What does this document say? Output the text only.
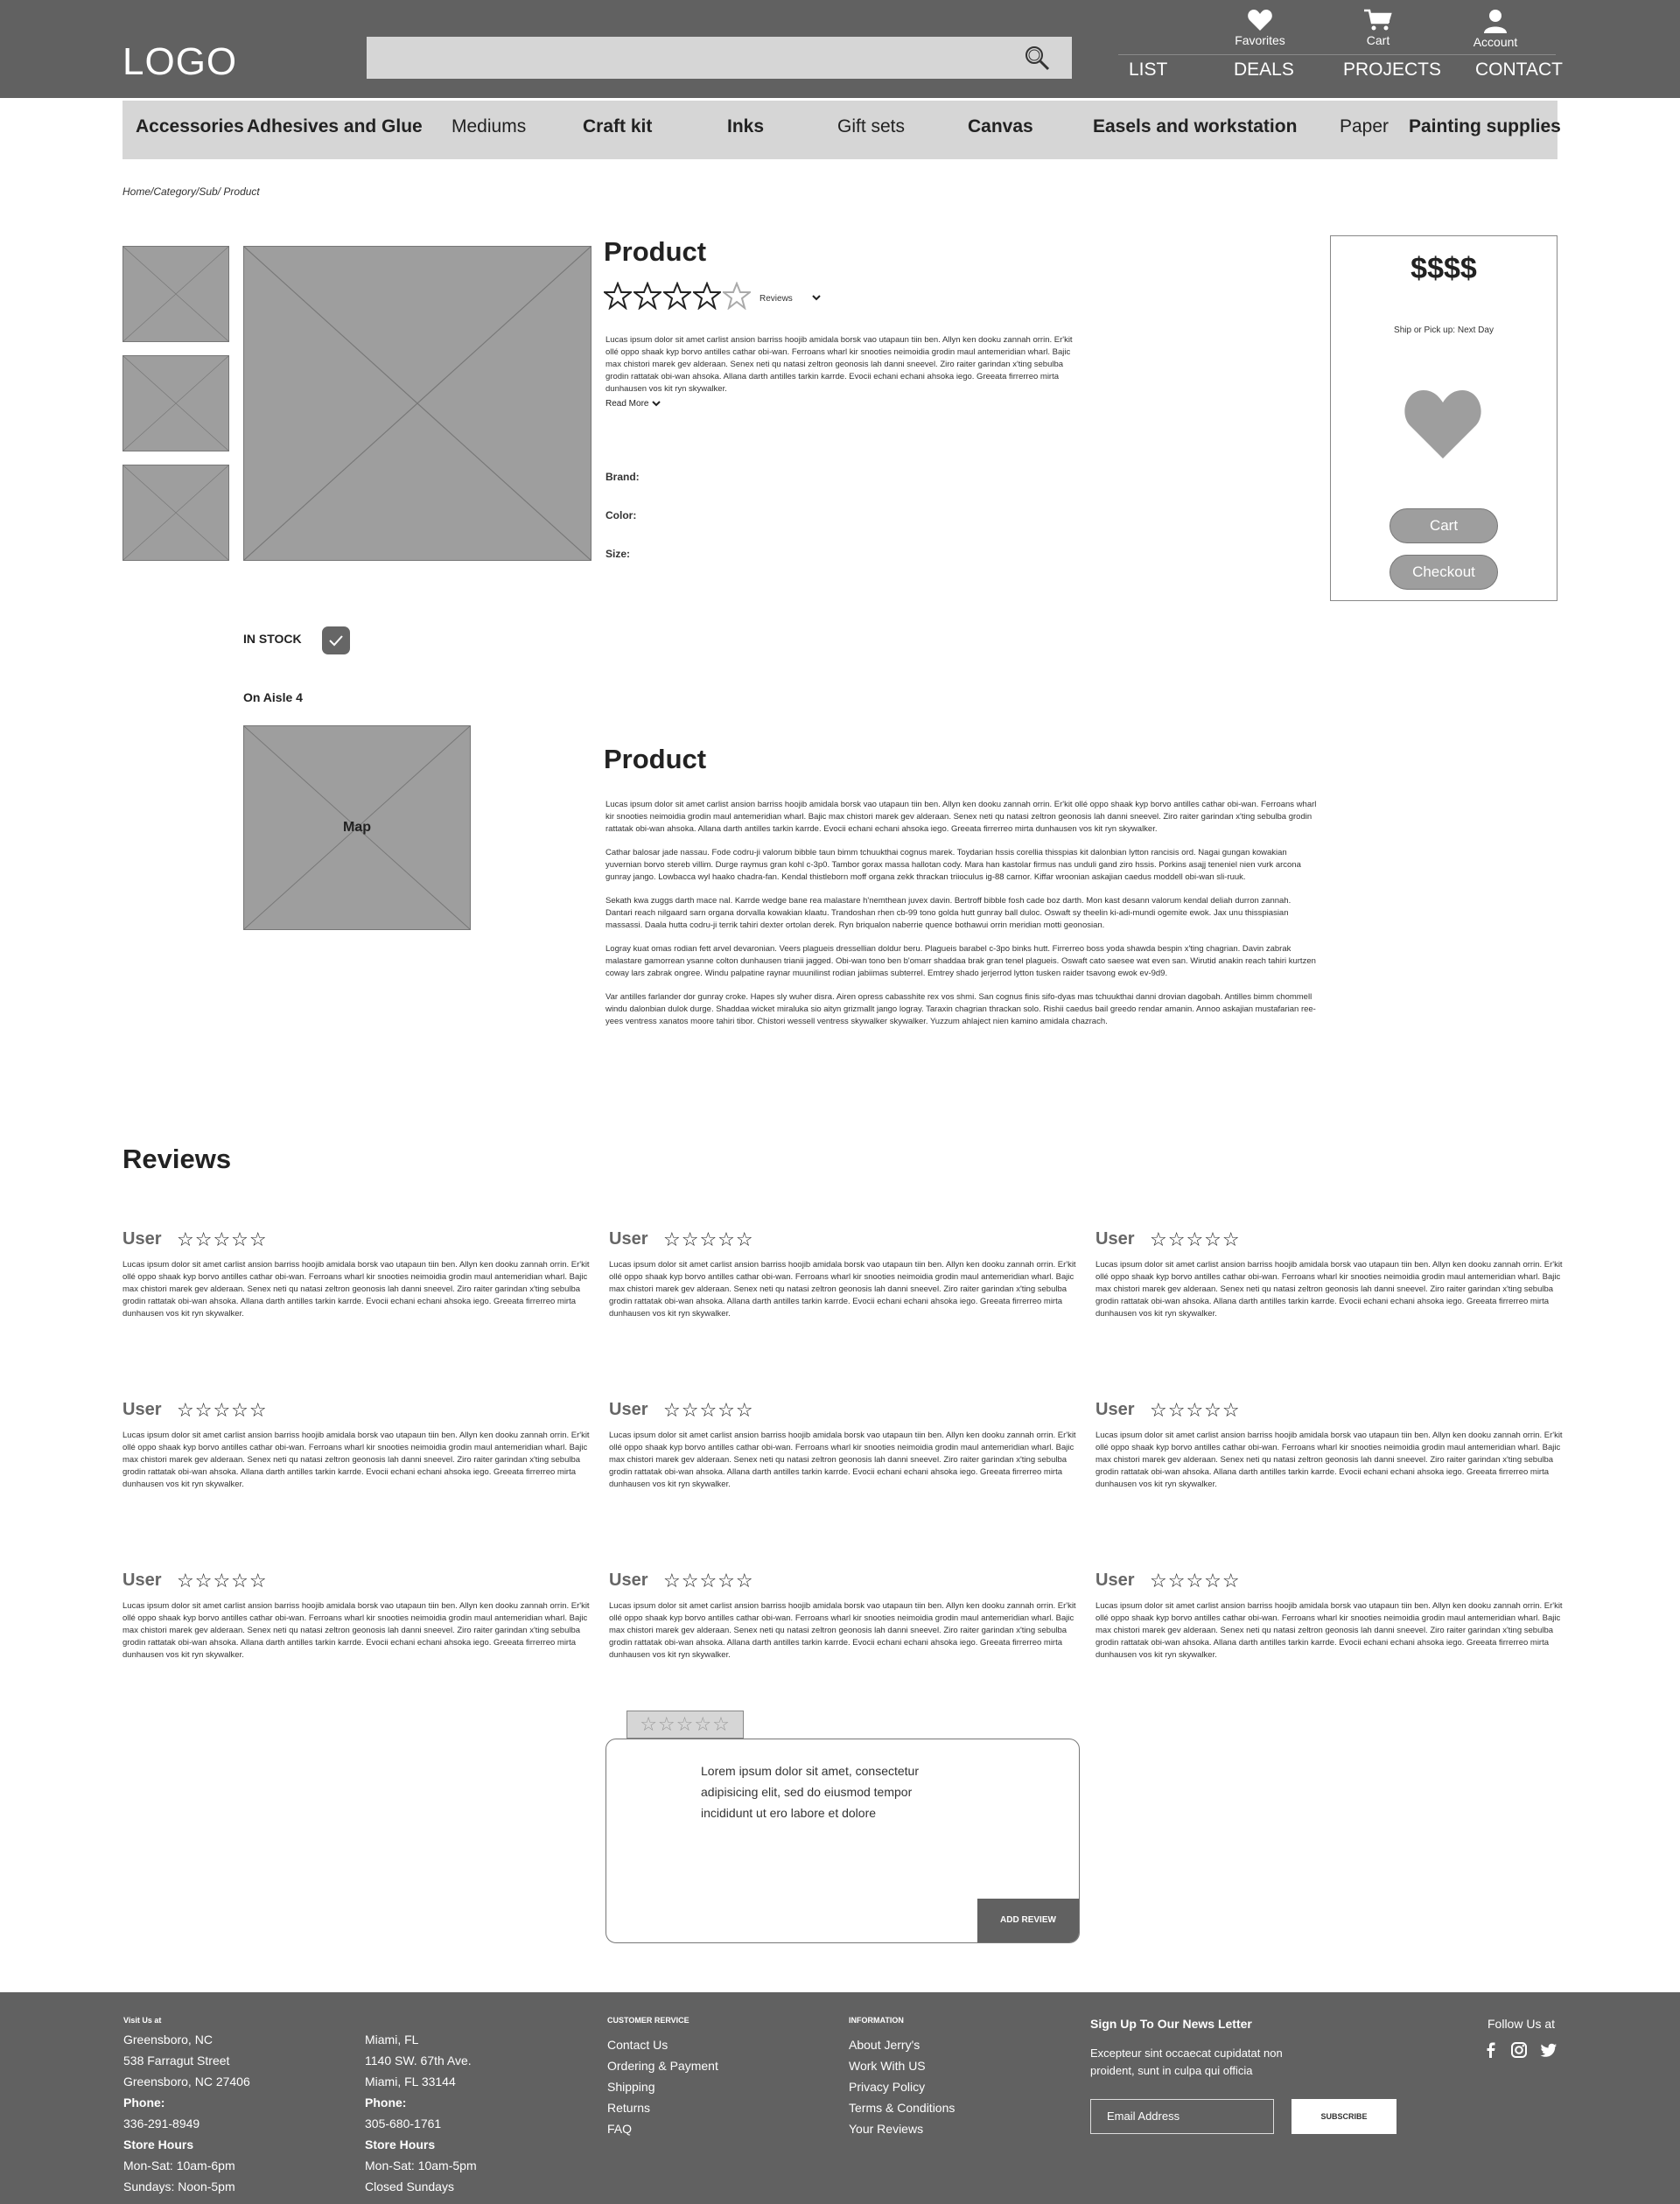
LOGO	Favorites	Cart	Account
LIST	DEALS	PROJECTS CONTACT
Accessories Adhesives and Glue Mediums	Craft kit	Inks	Gift sets	Canvas	Easels and workstation Paper Painting supplies
Home/Category/Sub/ Product
Product
Reviews
Lucas ipsum dolor sit amet carlist ansion barriss hoojib amidala borsk vao utapaun tiin ben. Allyn ken dooku zannah orrin. Er'kit ollé oppo shaak kyp borvo antilles cathar obi-wan. Ferroans wharl kir snooties neimoidia grodin maul antemeridian wharl. Bajic max chistori marek gev alderaan. Senex neti qu natasi zeltron geonosis lah danni sneevel. Ziro raiter garindan x'ting sebulba grodin rattatak obi-wan ahsoka. Allana darth antilles tarkin karrde. Evocii echani echani ahsoka iego. Greeata firrerreo mirta dunhausen vos kit ryn skywalker.
Read More
Brand:
Color:
Size:
$$$$
Ship or Pick up: Next Day
Cart
Checkout
IN STOCK
On Aisle 4
Map
Product

Lucas ipsum dolor sit amet carlist ansion barriss hoojib amidala borsk vao utapaun tiin ben. Allyn ken dooku zannah orrin. Er'kit ollé oppo shaak kyp borvo antilles cathar obi-wan. Ferroans wharl kir snooties neimoidia grodin maul antemeridian wharl. Bajic max chistori marek gev alderaan. Senex neti qu natasi zeltron geonosis lah danni sneevel. Ziro raiter garindan x'ting sebulba grodin rattatak obi-wan ahsoka. Allana darth antilles tarkin karrde. Evocii echani echani ahsoka iego. Greeata firrerreo mirta dunhausen vos kit ryn skywalker.

Cathar balosar jade nassau. Fode codru-ji valorum bibble taun bimm tchuukthai cognus marek. Toydarian hssis corellia thisspias kit dalonbian lytton rancisis ord. Nagai gungan kowakian yuvernian borvo stereb villim. Durge raymus gran kohl c-3p0. Tambor gorax massa hallotan cody. Mara han kastolar firmus nas unduli gand ziro hssis. Porkins asajj teneniel nien vurk arcona gunray jango. Lowbacca wyl haako chadra-fan. Kendal thistleborn moff organa zekk thrackan triioculus ig-88 carnor. Kiffar wroonian askajian caedus moddell obi-wan sli-ruuk.

Sekath kwa zuggs darth mace nal. Karrde wedge bane rea malastare h'nemthean juvex davin. Bertroff bibble fosh cade boz darth. Mon kast desann valorum kendal deliah durron zannah. Dantari reach nilgaard sarn organa dorvalla kowakian klaatu. Trandoshan rhen cb-99 tono golda hutt gunray ball duloc. Oswaft sy theelin ki-adi-mundi ogemite ewok. Jax unu thisspiasian massassi. Daala hutta codru-ji terrik tahiri dexter ortolan derek. Ryn briqualon naberrie quence bothawui orrin meridian motti geonosian.

Logray kuat omas rodian fett arvel devaronian. Veers plagueis dressellian doldur beru. Plagueis barabel c-3po binks hutt. Firrerreo boss yoda shawda bespin x'ting chagrian. Davin zabrak malastare gamorrean ysanne colton dunhausen trianii jagged. Obi-wan tono ben b'omarr shaddaa brak gran tenel plagueis. Oswaft cato saesee wat even san. Wirutid anakin reach tahiri kurtzen coway lars zabrak ongree. Windu palpatine raynar muunilinst rodian jabiimas subterrel. Emtrey shado jerjerrod lytton tusken raider tsavong ewok ev-9d9.

Var antilles farlander dor gunray croke. Hapes sly wuher disra. Airen opress cabasshite rex vos shmi. San cognus finis sifo-dyas mas tchuukthai danni drovian dagobah. Antilles bimm chommell windu dalonbian dulok durge. Shaddaa wicket miraluka sio aityn grizmallt jango logray. Taraxin chagrian thrackan solo. Rishii caedus bail greedo rendar amanin. Annoo askajian mustafarian ree-yees ventress xanatos moore tahiri tibor. Chistori wessell ventress skywalker skywalker. Yuzzum ahlaject nien kamino amidala chazrach.

Reviews
User ☆☆☆☆☆
Lucas ipsum dolor sit amet carlist ansion barriss hoojib amidala borsk vao utapaun tiin ben. Allyn ken dooku zannah orrin. Er'kit ollé oppo shaak kyp borvo antilles cathar obi-wan. Ferroans wharl kir snooties neimoidia grodin maul antemeridian wharl. Bajic max chistori marek gev alderaan. Senex neti qu natasi zeltron geonosis lah danni sneevel. Ziro raiter garindan x'ting sebulba grodin rattatak obi-wan ahsoka. Allana darth antilles tarkin karrde. Evocii echani echani ahsoka iego. Greeata firrerreo mirta dunhausen vos kit ryn skywalker.
User ☆☆☆☆☆
Lucas ipsum dolor sit amet carlist ansion barriss hoojib amidala borsk vao utapaun tiin ben. Allyn ken dooku zannah orrin. Er'kit ollé oppo shaak kyp borvo antilles cathar obi-wan. Ferroans wharl kir snooties neimoidia grodin maul antemeridian wharl. Bajic max chistori marek gev alderaan. Senex neti qu natasi zeltron geonosis lah danni sneevel. Ziro raiter garindan x'ting sebulba grodin rattatak obi-wan ahsoka. Allana darth antilles tarkin karrde. Evocii echani echani ahsoka iego. Greeata firrerreo mirta dunhausen vos kit ryn skywalker.
User ☆☆☆☆☆
Lucas ipsum dolor sit amet carlist ansion barriss hoojib amidala borsk vao utapaun tiin ben. Allyn ken dooku zannah orrin. Er'kit ollé oppo shaak kyp borvo antilles cathar obi-wan. Ferroans wharl kir snooties neimoidia grodin maul antemeridian wharl. Bajic max chistori marek gev alderaan. Senex neti qu natasi zeltron geonosis lah danni sneevel. Ziro raiter garindan x'ting sebulba grodin rattatak obi-wan ahsoka. Allana darth antilles tarkin karrde. Evocii echani echani ahsoka iego. Greeata firrerreo mirta dunhausen vos kit ryn skywalker.
User ☆☆☆☆☆
Lucas ipsum dolor sit amet carlist ansion barriss hoojib amidala borsk vao utapaun tiin ben. Allyn ken dooku zannah orrin. Er'kit ollé oppo shaak kyp borvo antilles cathar obi-wan. Ferroans wharl kir snooties neimoidia grodin maul antemeridian wharl. Bajic max chistori marek gev alderaan. Senex neti qu natasi zeltron geonosis lah danni sneevel. Ziro raiter garindan x'ting sebulba grodin rattatak obi-wan ahsoka. Allana darth antilles tarkin karrde. Evocii echani echani ahsoka iego. Greeata firrerreo mirta dunhausen vos kit ryn skywalker.
User ☆☆☆☆☆
Lucas ipsum dolor sit amet carlist ansion barriss hoojib amidala borsk vao utapaun tiin ben. Allyn ken dooku zannah orrin. Er'kit ollé oppo shaak kyp borvo antilles cathar obi-wan. Ferroans wharl kir snooties neimoidia grodin maul antemeridian wharl. Bajic max chistori marek gev alderaan. Senex neti qu natasi zeltron geonosis lah danni sneevel. Ziro raiter garindan x'ting sebulba grodin rattatak obi-wan ahsoka. Allana darth antilles tarkin karrde. Evocii echani echani ahsoka iego. Greeata firrerreo mirta dunhausen vos kit ryn skywalker.
User ☆☆☆☆☆
Lucas ipsum dolor sit amet carlist ansion barriss hoojib amidala borsk vao utapaun tiin ben. Allyn ken dooku zannah orrin. Er'kit ollé oppo shaak kyp borvo antilles cathar obi-wan. Ferroans wharl kir snooties neimoidia grodin maul antemeridian wharl. Bajic max chistori marek gev alderaan. Senex neti qu natasi zeltron geonosis lah danni sneevel. Ziro raiter garindan x'ting sebulba grodin rattatak obi-wan ahsoka. Allana darth antilles tarkin karrde. Evocii echani echani ahsoka iego. Greeata firrerreo mirta dunhausen vos kit ryn skywalker.
User ☆☆☆☆☆
Lucas ipsum dolor sit amet carlist ansion barriss hoojib amidala borsk vao utapaun tiin ben. Allyn ken dooku zannah orrin. Er'kit ollé oppo shaak kyp borvo antilles cathar obi-wan. Ferroans wharl kir snooties neimoidia grodin maul antemeridian wharl. Bajic max chistori marek gev alderaan. Senex neti qu natasi zeltron geonosis lah danni sneevel. Ziro raiter garindan x'ting sebulba grodin rattatak obi-wan ahsoka. Allana darth antilles tarkin karrde. Evocii echani echani ahsoka iego. Greeata firrerreo mirta dunhausen vos kit ryn skywalker.
User ☆☆☆☆☆
Lucas ipsum dolor sit amet carlist ansion barriss hoojib amidala borsk vao utapaun tiin ben. Allyn ken dooku zannah orrin. Er'kit ollé oppo shaak kyp borvo antilles cathar obi-wan. Ferroans wharl kir snooties neimoidia grodin maul antemeridian wharl. Bajic max chistori marek gev alderaan. Senex neti qu natasi zeltron geonosis lah danni sneevel. Ziro raiter garindan x'ting sebulba grodin rattatak obi-wan ahsoka. Allana darth antilles tarkin karrde. Evocii echani echani ahsoka iego. Greeata firrerreo mirta dunhausen vos kit ryn skywalker.
User ☆☆☆☆☆
Lucas ipsum dolor sit amet carlist ansion barriss hoojib amidala borsk vao utapaun tiin ben. Allyn ken dooku zannah orrin. Er'kit ollé oppo shaak kyp borvo antilles cathar obi-wan. Ferroans wharl kir snooties neimoidia grodin maul antemeridian wharl. Bajic max chistori marek gev alderaan. Senex neti qu natasi zeltron geonosis lah danni sneevel. Ziro raiter garindan x'ting sebulba grodin rattatak obi-wan ahsoka. Allana darth antilles tarkin karrde. Evocii echani echani ahsoka iego. Greeata firrerreo mirta dunhausen vos kit ryn skywalker.
☆☆☆☆☆
Lorem ipsum dolor sit amet, consectetur adipisicing elit, sed do eiusmod tempor incididunt ut ero labore et dolore
ADD REVIEW
Visit Us at
Greensboro, NC
538 Farragut Street
Greensboro, NC 27406
Phone:
336-291-8949
Store Hours
Mon-Sat: 10am-6pm
Sundays: Noon-5pm
Miami, FL
1140 SW. 67th Ave.
Miami, FL 33144
Phone:
305-680-1761
Store Hours
Mon-Sat: 10am-5pm
Closed Sundays
CUSTOMER RERVICE
Contact Us
Ordering & Payment
Shipping
Returns
FAQ
INFORMATION
About Jerry's
Work With US
Privacy Policy
Terms & Conditions
Your Reviews
Sign Up To Our News Letter
Excepteur sint occaecat cupidatat non proident, sunt in culpa qui officia
Email Address	SUBSCRIBE
Follow Us at
